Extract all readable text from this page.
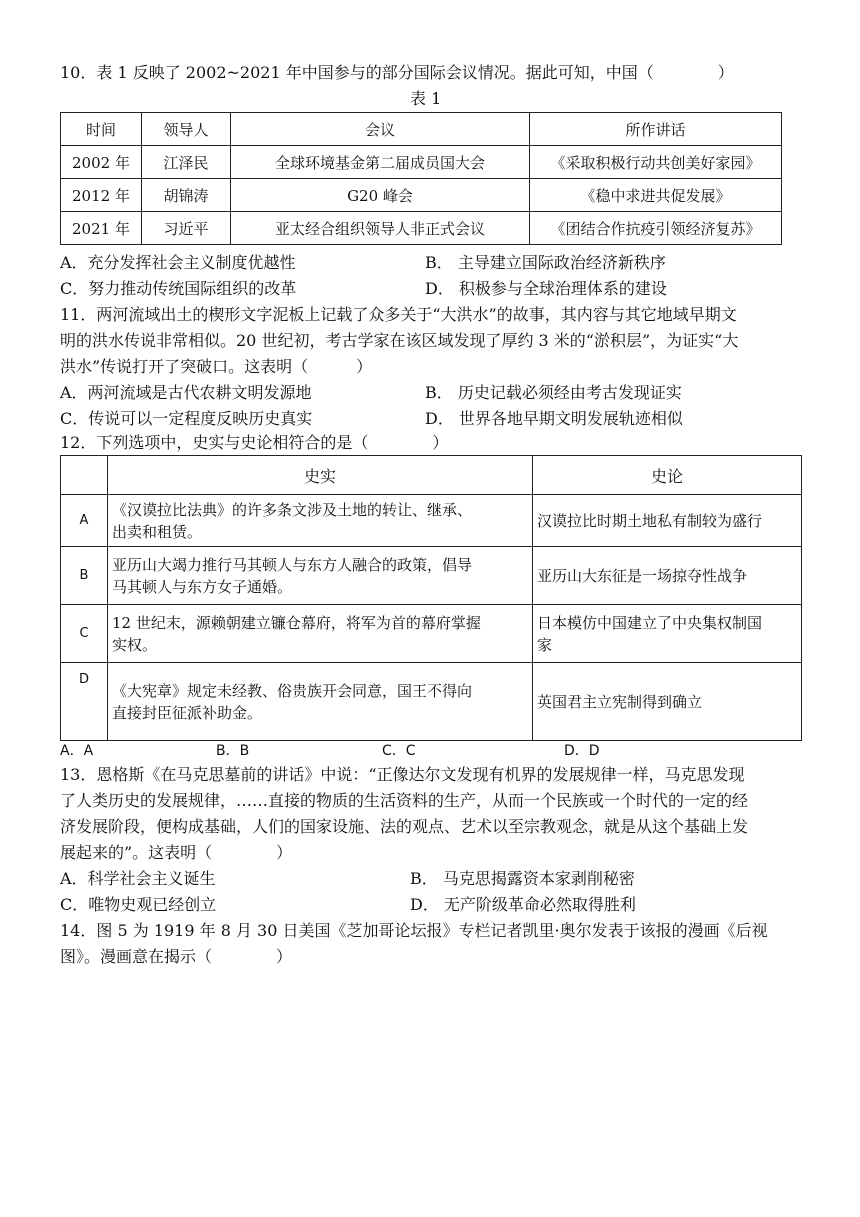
10．表 1 反映了 2002~2021 年中国参与的部分国际会议情况。据此可知，中国（　　　　）
表 1
时间	领导人	会议	所作讲话
2002 年	江泽民	全球环境基金第二届成员国大会	《采取积极行动共创美好家园》
2012 年	胡锦涛	G20 峰会	《稳中求进共促发展》
2021 年	习近平	亚太经合组织领导人非正式会议	《团结合作抗疫引领经济复苏》
A．充分发挥社会主义制度优越性	B． 主导建立国际政治经济新秩序
C．努力推动传统国际组织的改革	D． 积极参与全球治理体系的建设
11．两河流域出土的楔形文字泥板上记载了众多关于“大洪水”的故事，其内容与其它地域早期文
明的洪水传说非常相似。20 世纪初，考古学家在该区域发现了厚约 3 米的“淤积层”，为证实“大
洪水”传说打开了突破口。这表明（　　　）
A．两河流域是古代农耕文明发源地	B． 历史记载必须经由考古发现证实
C．传说可以一定程度反映历史真实	D． 世界各地早期文明发展轨迹相似
12．下列选项中，史实与史论相符合的是（　　　　）
	史实	史论
A	《汉谟拉比法典》的许多条文涉及土地的转让、继承、
出卖和租赁。	汉谟拉比时期土地私有制较为盛行
B	亚历山大竭力推行马其顿人与东方人融合的政策，倡导
马其顿人与东方女子通婚。	亚历山大东征是一场掠夺性战争
C	12 世纪末，源赖朝建立镰仓幕府，将军为首的幕府掌握
实权。	日本模仿中国建立了中央集权制国
家
D	《大宪章》规定未经教、俗贵族开会同意，国王不得向
直接封臣征派补助金。	英国君主立宪制得到确立
A．A	B．B	C．C	D．D
13．恩格斯《在马克思墓前的讲话》中说：“正像达尔文发现有机界的发展规律一样，马克思发现
了人类历史的发展规律，……直接的物质的生活资料的生产，从而一个民族或一个时代的一定的经
济发展阶段，便构成基础，人们的国家设施、法的观点、艺术以至宗教观念，就是从这个基础上发
展起来的”。这表明（　　　　）
A．科学社会主义诞生	B． 马克思揭露资本家剥削秘密
C．唯物史观已经创立	D． 无产阶级革命必然取得胜利
14．图 5 为 1919 年 8 月 30 日美国《芝加哥论坛报》专栏记者凯里·奥尔发表于该报的漫画《后视
图》。漫画意在揭示（　　　　）
